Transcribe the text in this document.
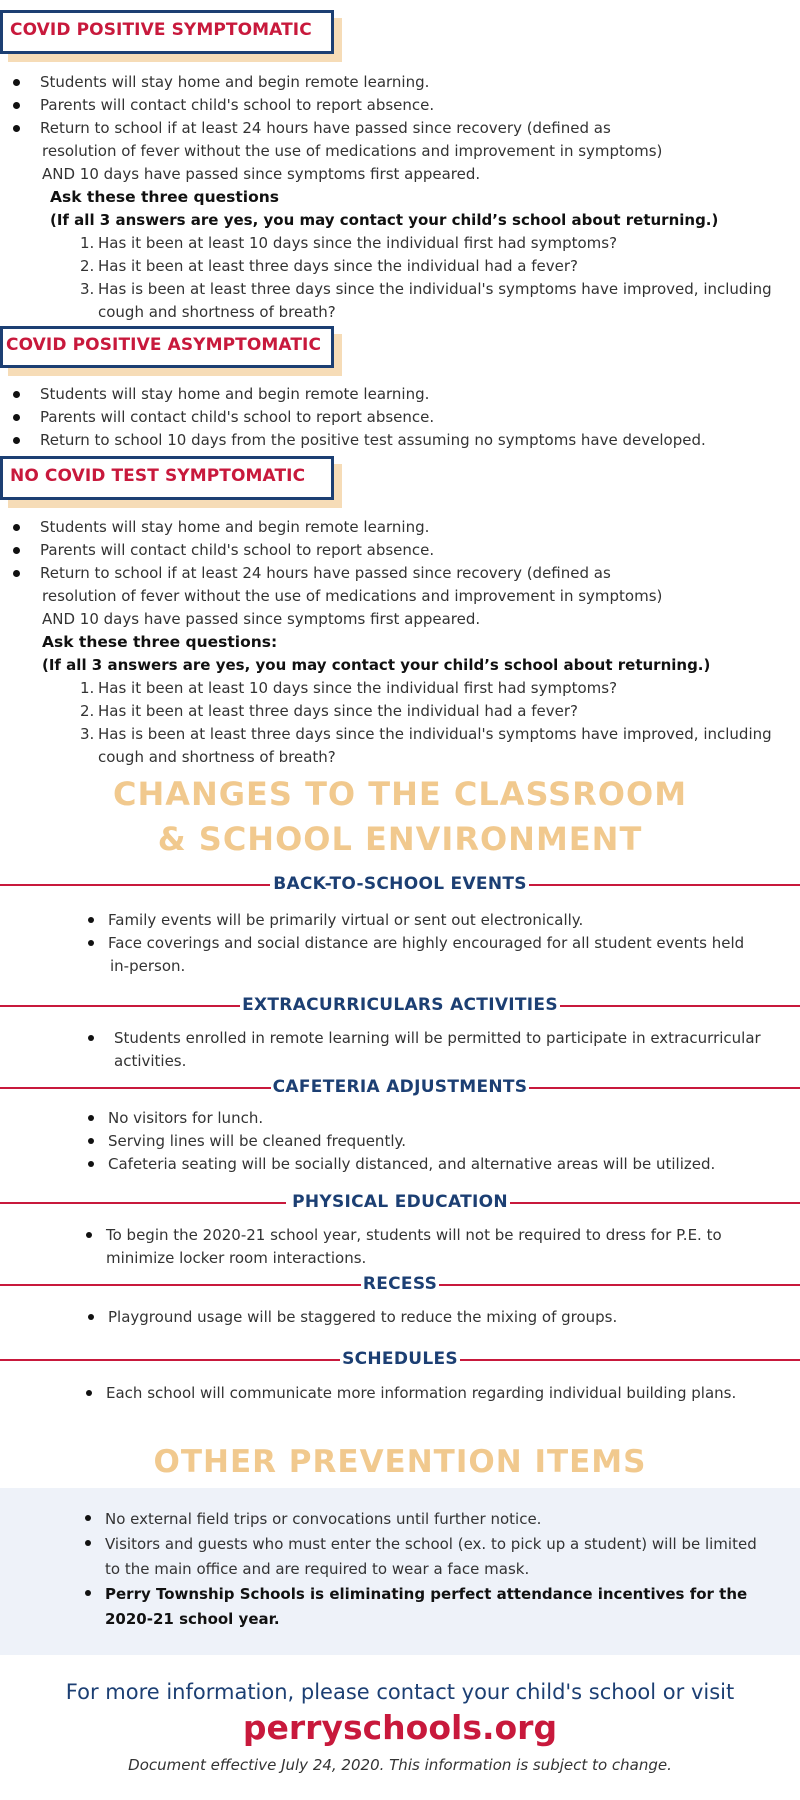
COVID POSITIVE SYMPTOMATIC
Students will stay home and begin remote learning.
Parents will contact child's school to report absence.
Return to school if at least 24 hours have passed since recovery (defined as
resolution of fever without the use of medications and improvement in symptoms)
AND 10 days have passed since symptoms first appeared.
Ask these three questions
(If all 3 answers are yes, you may contact your child’s school about returning.)
1. Has it been at least 10 days since the individual first had symptoms?
2. Has it been at least three days since the individual had a fever?
3. Has is been at least three days since the individual's symptoms have improved, including
cough and shortness of breath?
COVID POSITIVE ASYMPTOMATIC
Students will stay home and begin remote learning.
Parents will contact child's school to report absence.
Return to school 10 days from the positive test assuming no symptoms have developed.
NO COVID TEST SYMPTOMATIC
Students will stay home and begin remote learning.
Parents will contact child's school to report absence.
Return to school if at least 24 hours have passed since recovery (defined as
resolution of fever without the use of medications and improvement in symptoms)
AND 10 days have passed since symptoms first appeared.
Ask these three questions:
(If all 3 answers are yes, you may contact your child’s school about returning.)
1. Has it been at least 10 days since the individual first had symptoms?
2. Has it been at least three days since the individual had a fever?
3. Has is been at least three days since the individual's symptoms have improved, including
cough and shortness of breath?
CHANGES TO THE CLASSROOM
& SCHOOL ENVIRONMENT
BACK-TO-SCHOOL EVENTS
Family events will be primarily virtual or sent out electronically.
Face coverings and social distance are highly encouraged for all student events held
in-person.
EXTRACURRICULARS ACTIVITIES
Students enrolled in remote learning will be permitted to participate in extracurricular
activities.
CAFETERIA ADJUSTMENTS
No visitors for lunch.
Serving lines will be cleaned frequently.
Cafeteria seating will be socially distanced, and alternative areas will be utilized.
PHYSICAL EDUCATION
To begin the 2020-21 school year, students will not be required to dress for P.E. to
minimize locker room interactions.
RECESS
Playground usage will be staggered to reduce the mixing of groups.
SCHEDULES
Each school will communicate more information regarding individual building plans.
OTHER PREVENTION ITEMS
No external field trips or convocations until further notice.
Visitors and guests who must enter the school (ex. to pick up a student) will be limited
to the main office and are required to wear a face mask.
Perry Township Schools is eliminating perfect attendance incentives for the
2020-21 school year.
For more information, please contact your child's school or visit
perryschools.org
Document effective July 24, 2020. This information is subject to change.
